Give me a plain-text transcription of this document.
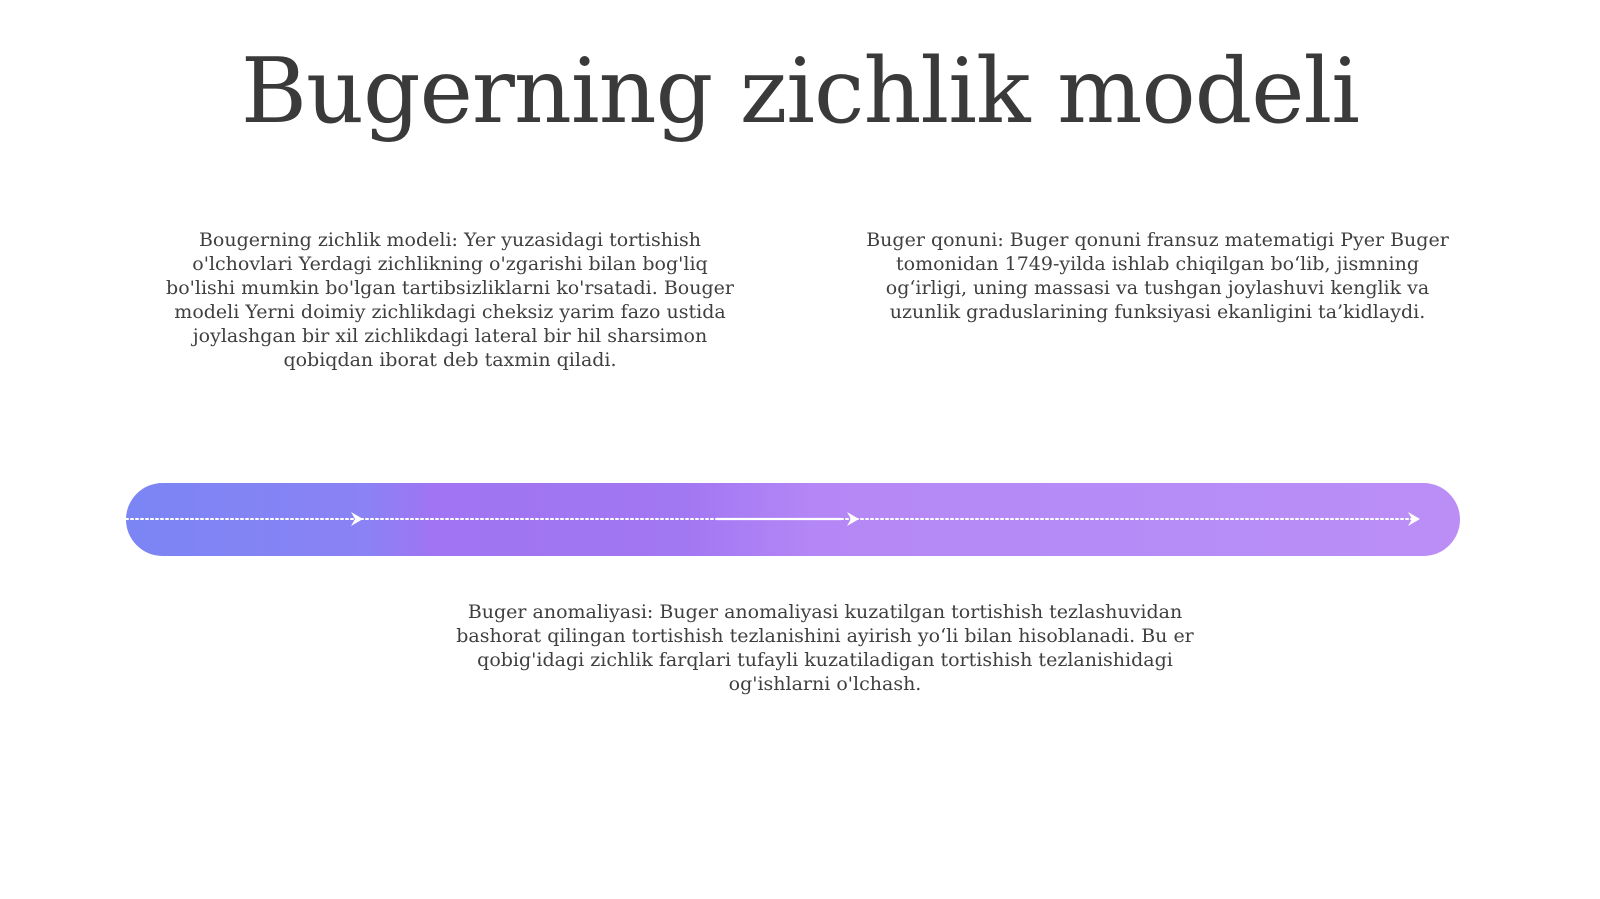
Bugerning zichlik modeli

Bougerning zichlik modeli: Yer yuzasidagi tortishish o'lchovlari Yerdagi zichlikning o'zgarishi bilan bog'liq bo'lishi mumkin bo'lgan tartibsizliklarni ko'rsatadi. Bouger modeli Yerni doimiy zichlikdagi cheksiz yarim fazo ustida joylashgan bir xil zichlikdagi lateral bir hil sharsimon qobiqdan iborat deb taxmin qiladi.

Buger qonuni: Buger qonuni fransuz matematigi Pyer Buger tomonidan 1749-yilda ishlab chiqilgan bo‘lib, jismning og‘irligi, uning massasi va tushgan joylashuvi kenglik va uzunlik graduslarining funksiyasi ekanligini ta’kidlaydi.

Buger anomaliyasi: Buger anomaliyasi kuzatilgan tortishish tezlashuvidan bashorat qilingan tortishish tezlanishini ayirish yo‘li bilan hisoblanadi. Bu er qobig'idagi zichlik farqlari tufayli kuzatiladigan tortishish tezlanishidagi og'ishlarni o'lchash.
